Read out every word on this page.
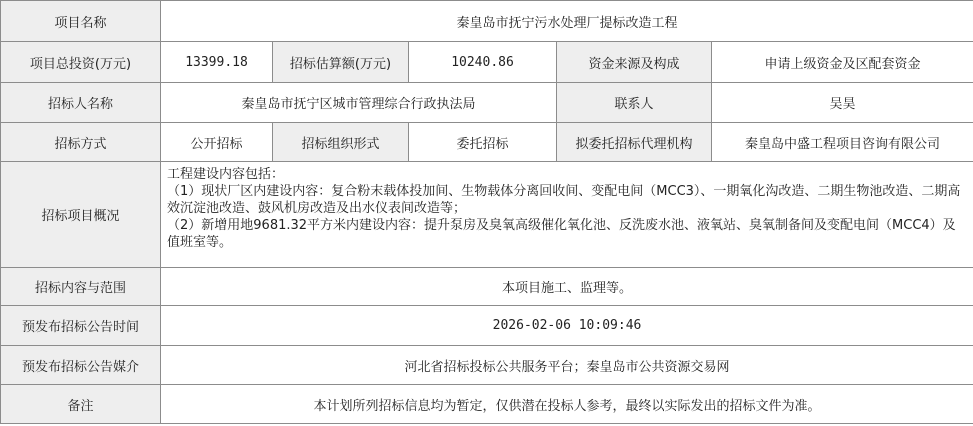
项目名称	秦皇岛市抚宁污水处理厂提标改造工程				
项目总投资(万元)	13399.18	招标估算额(万元)	10240.86	资金来源及构成	申请上级资金及区配套资金
招标人名称	秦皇岛市抚宁区城市管理综合行政执法局			联系人	吴昊
招标方式	公开招标	招标组织形式	委托招标	拟委托招标代理机构	秦皇岛中盛工程项目咨询有限公司
招标项目概况	工程建设内容包括：
（1）现状厂区内建设内容：复合粉末载体投加间、生物载体分离回收间、变配电间（MCC3）、一期氧化沟改造、二期生物池改造、二期高效沉淀池改造、鼓风机房改造及出水仪表间改造等；
（2）新增用地9681.32平方米内建设内容：提升泵房及臭氧高级催化氧化池、反洗废水池、液氧站、臭氧制备间及变配电间（MCC4）及值班室等。				

招标内容与范围	本项目施工、监理等。				
预发布招标公告时间	2026-02-06 10:09:46				
预发布招标公告媒介	河北省招标投标公共服务平台；秦皇岛市公共资源交易网				
备注	本计划所列招标信息均为暂定，仅供潜在投标人参考，最终以实际发出的招标文件为准。				
